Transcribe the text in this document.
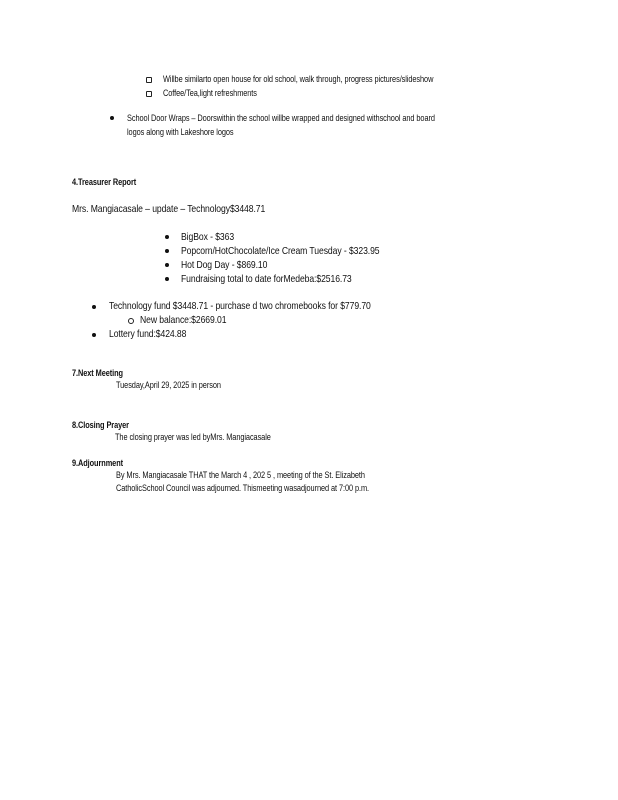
Willbe similarto open house for old school, walk through, progress pictures/slideshow
Coffee/Tea,light refreshments
School Door Wraps – Doorswithin the school willbe wrapped and designed withschool and board
logos along with Lakeshore logos
4.Treasurer Report
Mrs. Mangiacasale – update – Technology$3448.71
BigBox - $363
Popcorn/HotChocolate/Ice Cream Tuesday - $323.95
Hot Dog Day - $869.10
Fundraising total to date forMedeba:$2516.73
Technology fund $3448.71 - purchase d two chromebooks for $779.70
New balance:$2669.01
Lottery fund:$424.88
7.Next Meeting
Tuesday,April 29, 2025 in person
8.Closing Prayer
The closing prayer was led byMrs. Mangiacasale
9.Adjournment
By Mrs. Mangiacasale THAT the March 4 , 202 5 , meeting of the St. Elizabeth
CatholicSchool Council was adjourned. Thismeeting wasadjourned at 7:00 p.m.
